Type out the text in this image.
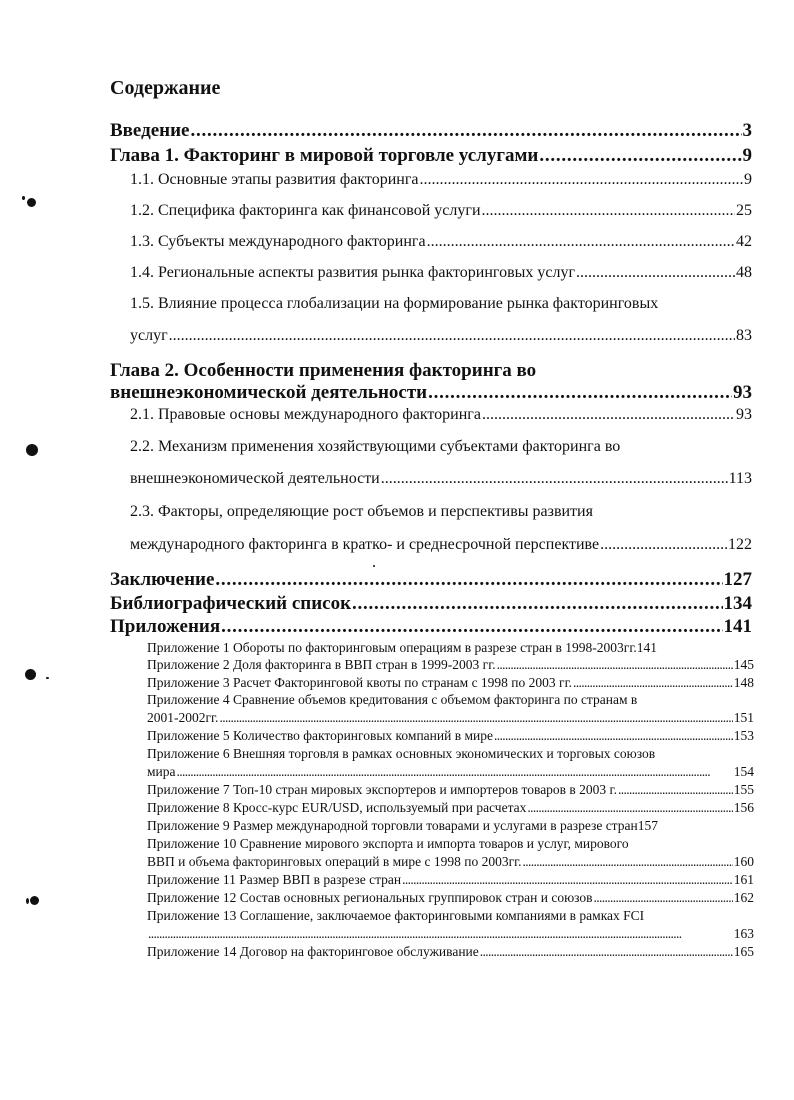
Содержание
Введение . . .	3
Глава 1. Факторинг в мировой торговле услугами . . .	9
1.1. Основные этапы развития факторинга . . .	9
1.2. Специфика факторинга как финансовой услуги . . .	25
1.3. Субъекты международного факторинга . . .	42
1.4. Региональные аспекты развития рынка факторинговых услуг . . .	48
1.5. Влияние процесса глобализации на формирование рынка факторинговых
услуг . . .	83
Глава 2. Особенности применения факторинга во
внешнеэкономической деятельности . . .	93
2.1. Правовые основы международного факторинга . . .	93
2.2. Механизм применения хозяйствующими субъектами факторинга во
внешнеэкономической деятельности . . .	113
2.3. Факторы, определяющие рост объемов и перспективы развития
международного факторинга в кратко- и среднесрочной перспективе . . .	122
Заключение . . .	127
Библиографический список . . .	134
Приложения . . .	141
Приложение 1 Обороты по факторинговым операциям в разрезе стран в 1998-2003гг. 141
Приложение 2 Доля факторинга в ВВП стран в 1999-2003 гг. . . .	145
Приложение 3 Расчет Факторинговой квоты по странам с 1998 по 2003 гг. . . .	148
Приложение 4 Сравнение объемов кредитования с объемом факторинга по странам в
2001-2002гг. . . .	151
Приложение 5 Количество факторинговых компаний в мире . . .	153
Приложение 6 Внешняя торговля в рамках основных экономических и торговых союзов
мира . . .	154
Приложение 7 Топ-10 стран мировых экспортеров и импортеров товаров в 2003 г. . . .	155
Приложение 8 Кросс-курс EUR/USD, используемый при расчетах . . .	156
Приложение 9 Размер международной торговли товарами и услугами в разрезе стран 157
Приложение 10 Сравнение мирового экспорта и импорта товаров и услуг, мирового
ВВП и объема факторинговых операций в мире с 1998 по 2003гг. . . .	160
Приложение 11 Размер ВВП в разрезе стран . . .	161
Приложение 12 Состав основных региональных группировок стран и союзов . . .	162
Приложение 13 Соглашение, заключаемое факторинговыми компаниями в рамках FCI
. . .
163
Приложение 14 Договор на факторинговое обслуживание . . .	165
